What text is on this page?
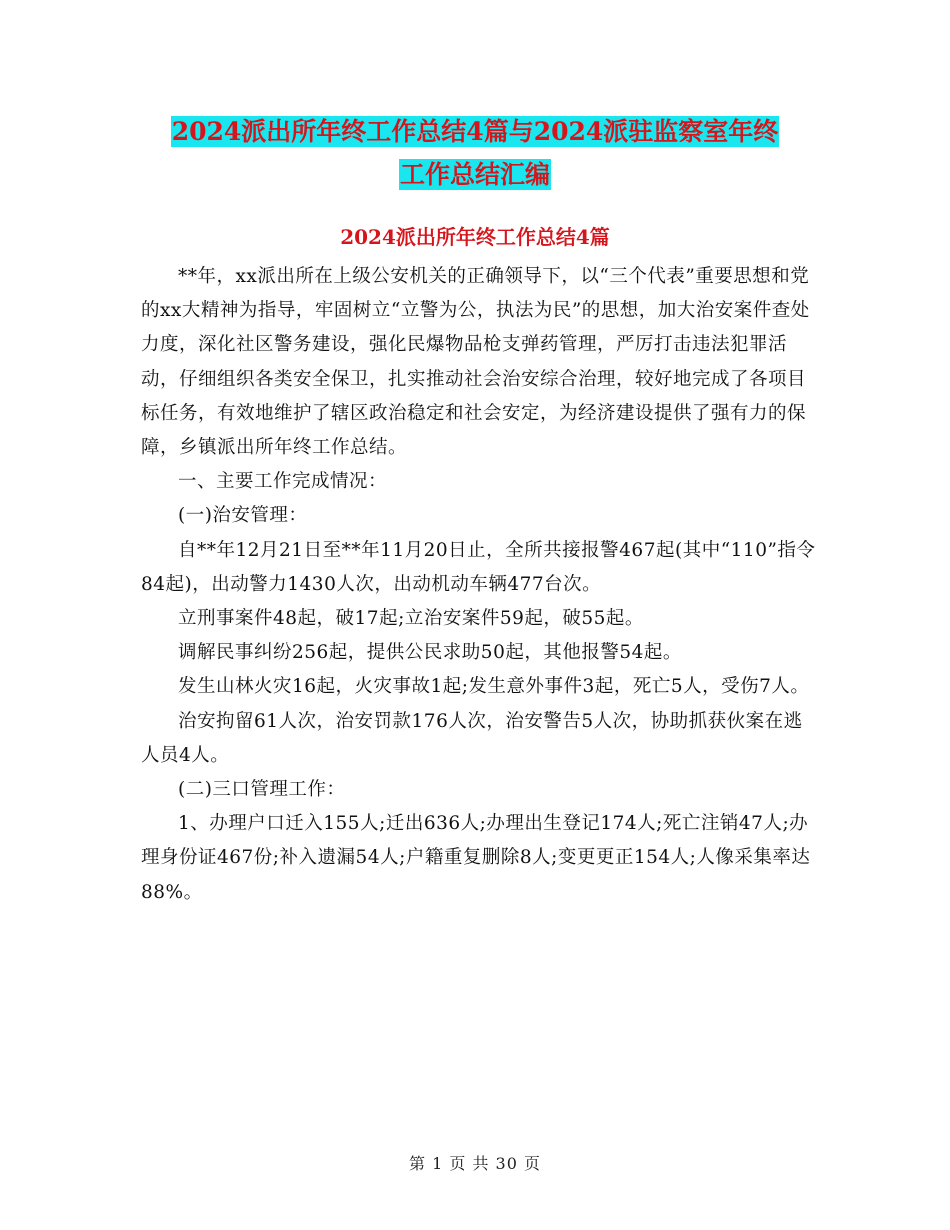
2024派出所年终工作总结4篇与2024派驻监察室年终
工作总结汇编
2024派出所年终工作总结4篇

**年，xx派出所在上级公安机关的正确领导下，以“三个代表”重要思想和党的xx大精神为指导，牢固树立“立警为公，执法为民”的思想，加大治安案件查处力度，深化社区警务建设，强化民爆物品枪支弹药管理，严厉打击违法犯罪活动，仔细组织各类安全保卫，扎实推动社会治安综合治理，较好地完成了各项目标任务，有效地维护了辖区政治稳定和社会安定，为经济建设提供了强有力的保障，乡镇派出所年终工作总结。

一、主要工作完成情况：

(一)治安管理：

自**年12月21日至**年11月20日止，全所共接报警467起(其中“110”指令84起)，出动警力1430人次，出动机动车辆477台次。

立刑事案件48起，破17起;立治安案件59起，破55起。

调解民事纠纷256起，提供公民求助50起，其他报警54起。

发生山林火灾16起，火灾事故1起;发生意外事件3起，死亡5人，受伤7人。

治安拘留61人次，治安罚款176人次，治安警告5人次，协助抓获伙案在逃人员4人。

(二)三口管理工作：

1、办理户口迁入155人;迁出636人;办理出生登记174人;死亡注销47人;办理身份证467份;补入遗漏54人;户籍重复删除8人;变更更正154人;人像采集率达88%。

第 1 页 共 30 页
